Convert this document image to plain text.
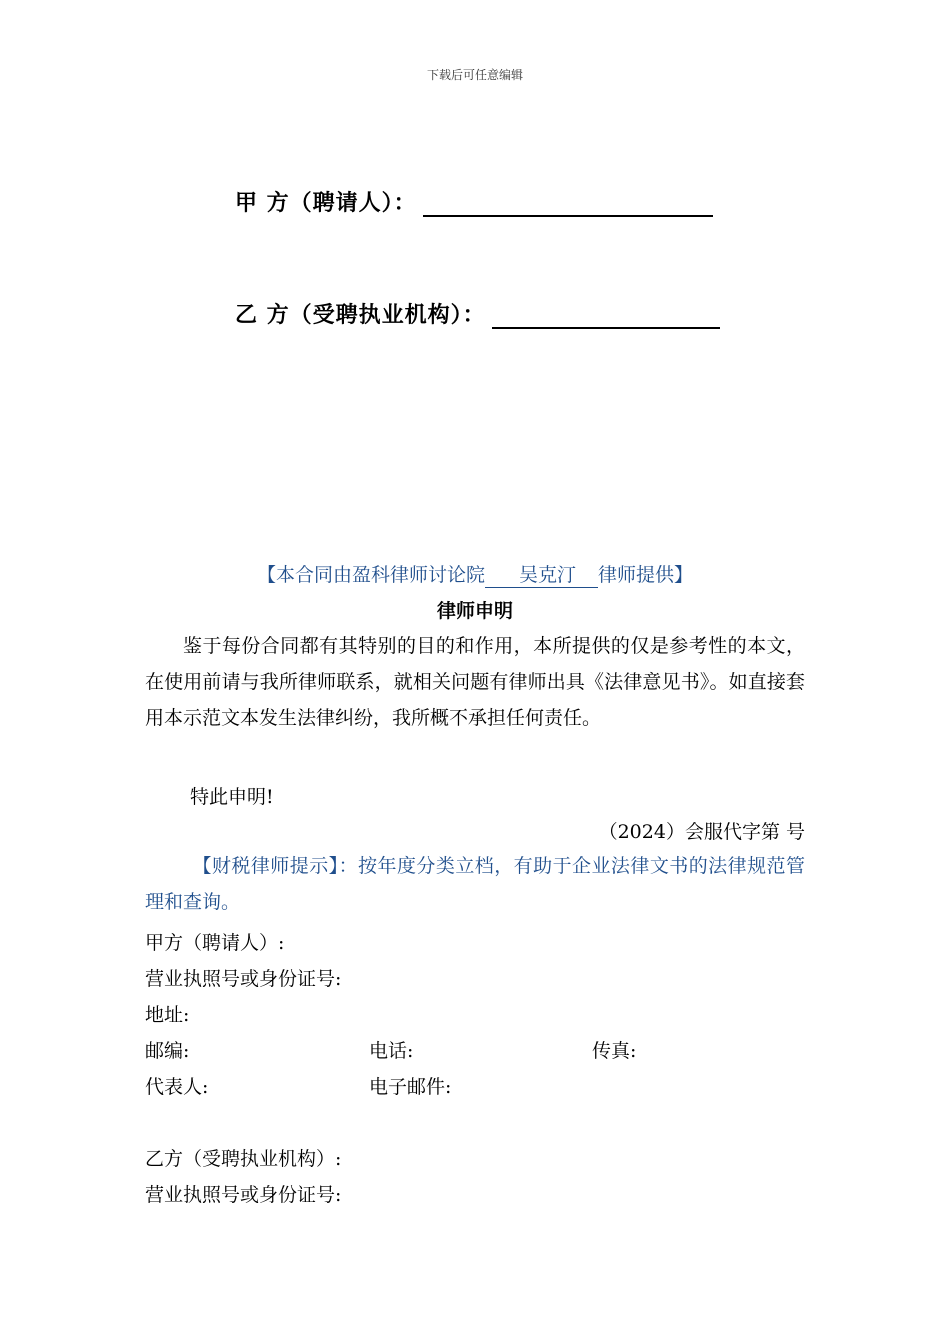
下载后可任意编辑
甲 方（聘请人）：
乙 方（受聘执业机构）：
【本合同由盈科律师讨论院 吴克汀 律师提供】
律师申明
鉴于每份合同都有其特别的目的和作用，本所提供的仅是参考性的本文，在使用前请与我所律师联系，就相关问题有律师出具《法律意见书》。如直接套用本示范文本发生法律纠纷，我所概不承担任何责任。
特此申明!
（2024）会服代字第 号
【财税律师提示】：按年度分类立档，有助于企业法律文书的法律规范管理和查询。
甲方（聘请人）:
营业执照号或身份证号:
地址:
邮编:	电话:	传真:
代表人:	电子邮件:
乙方（受聘执业机构）:
营业执照号或身份证号:
